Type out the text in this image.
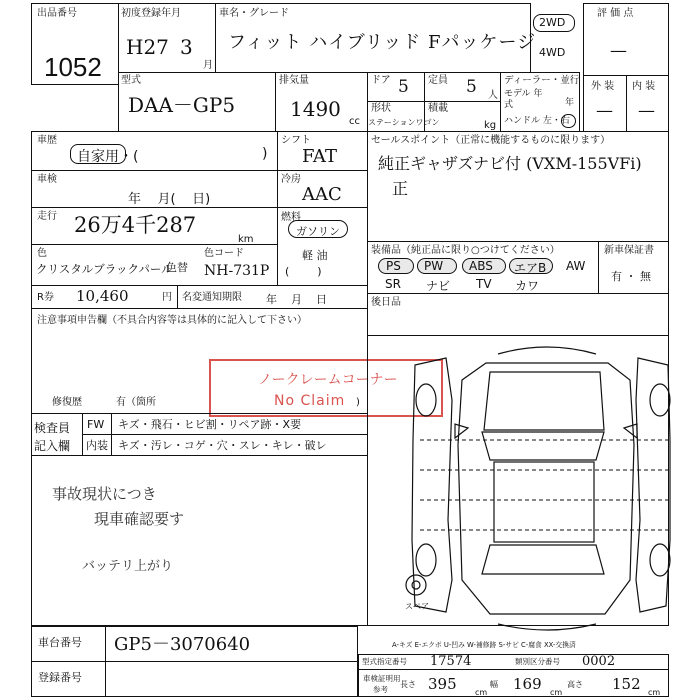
出品番号
1052
初度登録年月
H27 3
月
車名・グレード
フィット ハイブリッド Fパッケージ
2WD
4WD
評 価 点
—
型式
DAA－GP5
排気量
1490
cc
ドア 5 定員 5 人
形状
ステーションワゴン
積載
kg
ディーラー・並行
モデル 年式	年
ハンドル 左・右
外 装 内 装
— —
車歴
自家用・(	)
車検
年    月(    日)
走行 26万4千287
km
色
クリスタルブラックパール
色替
色コード
NH-731P
シフト
FAT
冷房
AAC
燃料
ガソリン
軽 油
(        )
R券 10,460	円 名変通知期限 年    月    日
セールスポイント（正常に機能するものに限ります）
純正ギャザズナビ付 (VXM-155VFi)
正
装備品（純正品に限り○つけてください）
PS PW ABS エアB AW
SR ナビ TV カワ
新車保証書
有 ・ 無
注意事項申告欄（不具合内容等は具体的に記入して下さい）
修復歴	有（箇所	)
後日品
ノークレームコーナー
No Claim
検査員
記入欄
FW キズ・飛石・ヒビ割・リペア跡・X要
内装 キズ・汚レ・コゲ・穴・スレ・キレ・破レ
事故現状につき
現車確認要す
バッテリ上がり
スペア
車台番号 GP5－3070640
登録番号
A-キズ E-エクボ U-凹み W-補修跡 S-サビ C-腐食 XX-交換済
型式指定番号 17574	類別区分番号 0002
車検証明用
参考
長さ 395 cm
幅 169 cm
高さ 152 cm
